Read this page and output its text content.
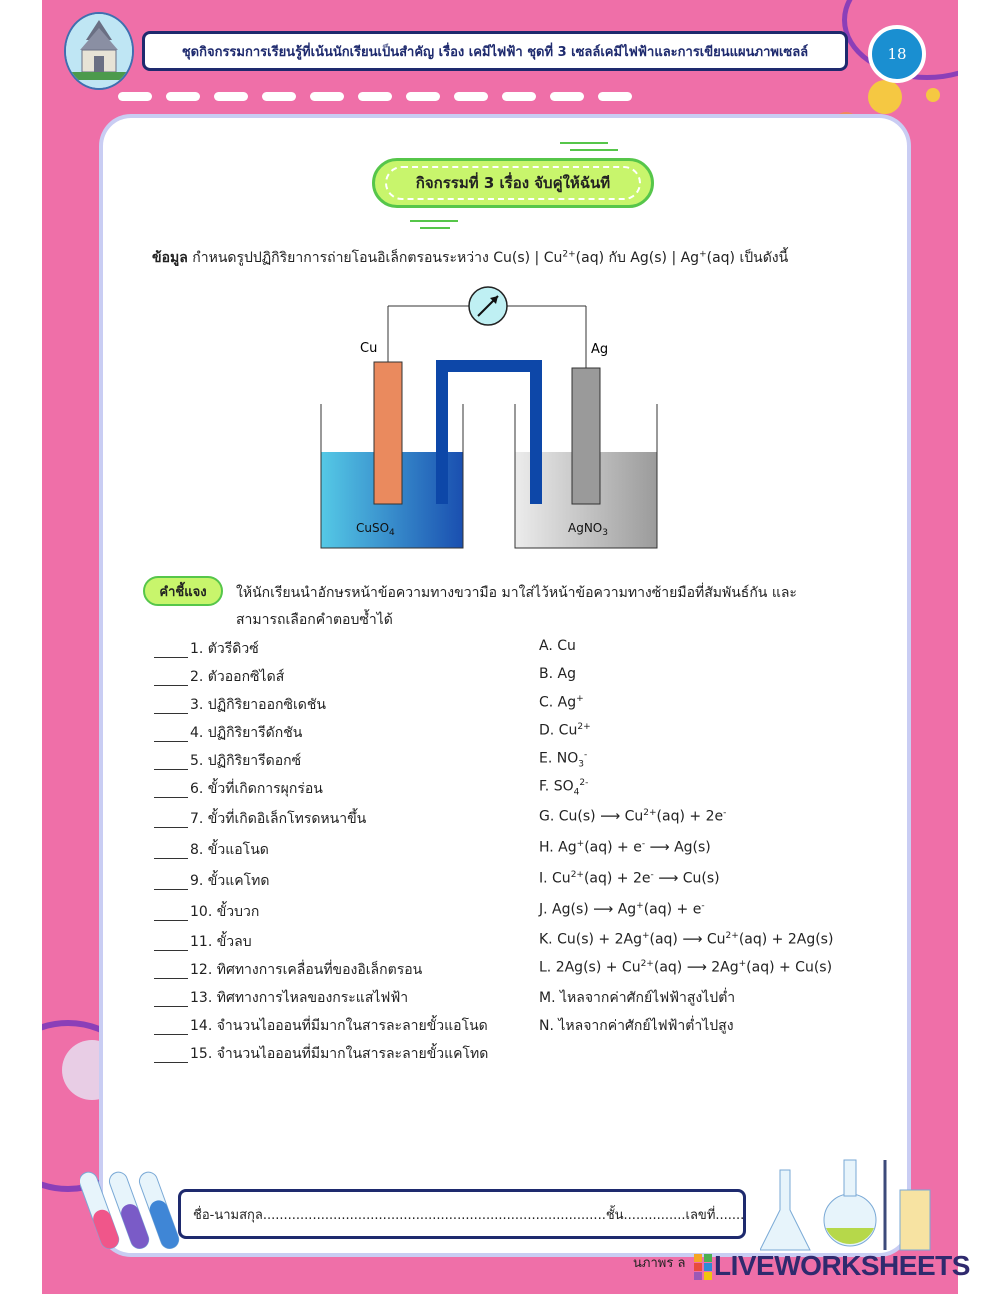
ชุดกิจกรรมการเรียนรู้ที่เน้นนักเรียนเป็นสำคัญ เรื่อง เคมีไฟฟ้า ชุดที่ 3 เซลล์เคมีไฟฟ้าและการเขียนแผนภาพเซลล์	18
กิจกรรมที่ 3 เรื่อง จับคู่ให้ฉันที
ข้อมูล กำหนดรูปปฏิกิริยาการถ่ายโอนอิเล็กตรอนระหว่าง Cu(s) | $Cu^{2+}(aq)$ กับ Ag(s) | Ag+(aq) เป็นดังนี้
Cu	Ag
CuSO$_4$	AgNO$_3$
คำชี้แจง ให้นักเรียนนำอักษรหน้าข้อความทางขวามือ มาใส่ไว้หน้าข้อความทางซ้ายมือที่สัมพันธ์กัน และ
สามารถเลือกคำตอบซ้ำได้
1. ตัวรีดิวซ์
2. ตัวออกซิไดส์
3. ปฏิกิริยาออกซิเดชัน
4. ปฏิกิริยารีดักชัน
5. ปฏิกิริยารีดอกซ์
6. ขั้วที่เกิดการผุกร่อน
7. ขั้วที่เกิดอิเล็กโทรดหนาขึ้น
8. ขั้วแอโนด
9. ขั้วแคโทด
10. ขั้วบวก
11. ขั้วลบ
12. ทิศทางการเคลื่อนที่ของอิเล็กตรอน
13. ทิศทางการไหลของกระแสไฟฟ้า
14. จำนวนไอออนที่มีมากในสารละลายขั้วแอโนด
15. จำนวนไอออนที่มีมากในสารละลายขั้วแคโทด
A. Cu
B. Ag
C. Ag+
D. $Cu^{2+}$
E. $NO_3^-$
F. $SO_4^{2-}$
G. Cu(s) ⟶ $Cu^{2+}(aq) + 2e^-$
H. Ag+(aq) + e- ⟶ Ag(s)
I. $Cu^{2+}(aq) + 2e^-$ ⟶ Cu(s)
J. Ag(s) ⟶ Ag+(aq) + e-
K. Cu(s) + 2Ag+(aq) ⟶ $Cu^{2+}(aq) + 2Ag(s)$
L. $2Ag(s) + Cu^{2+}(aq)$ ⟶ 2Ag+(aq) + Cu(s)
M. ไหลจากค่าศักย์ไฟฟ้าสูงไปต่ำ
N. ไหลจากค่าศักย์ไฟฟ้าต่ำไปสูง
ชื่อ-นามสกุล...................................................................................ชั้น...............เลขที่.......
นภาพร ล LIVEWORKSHEETS
